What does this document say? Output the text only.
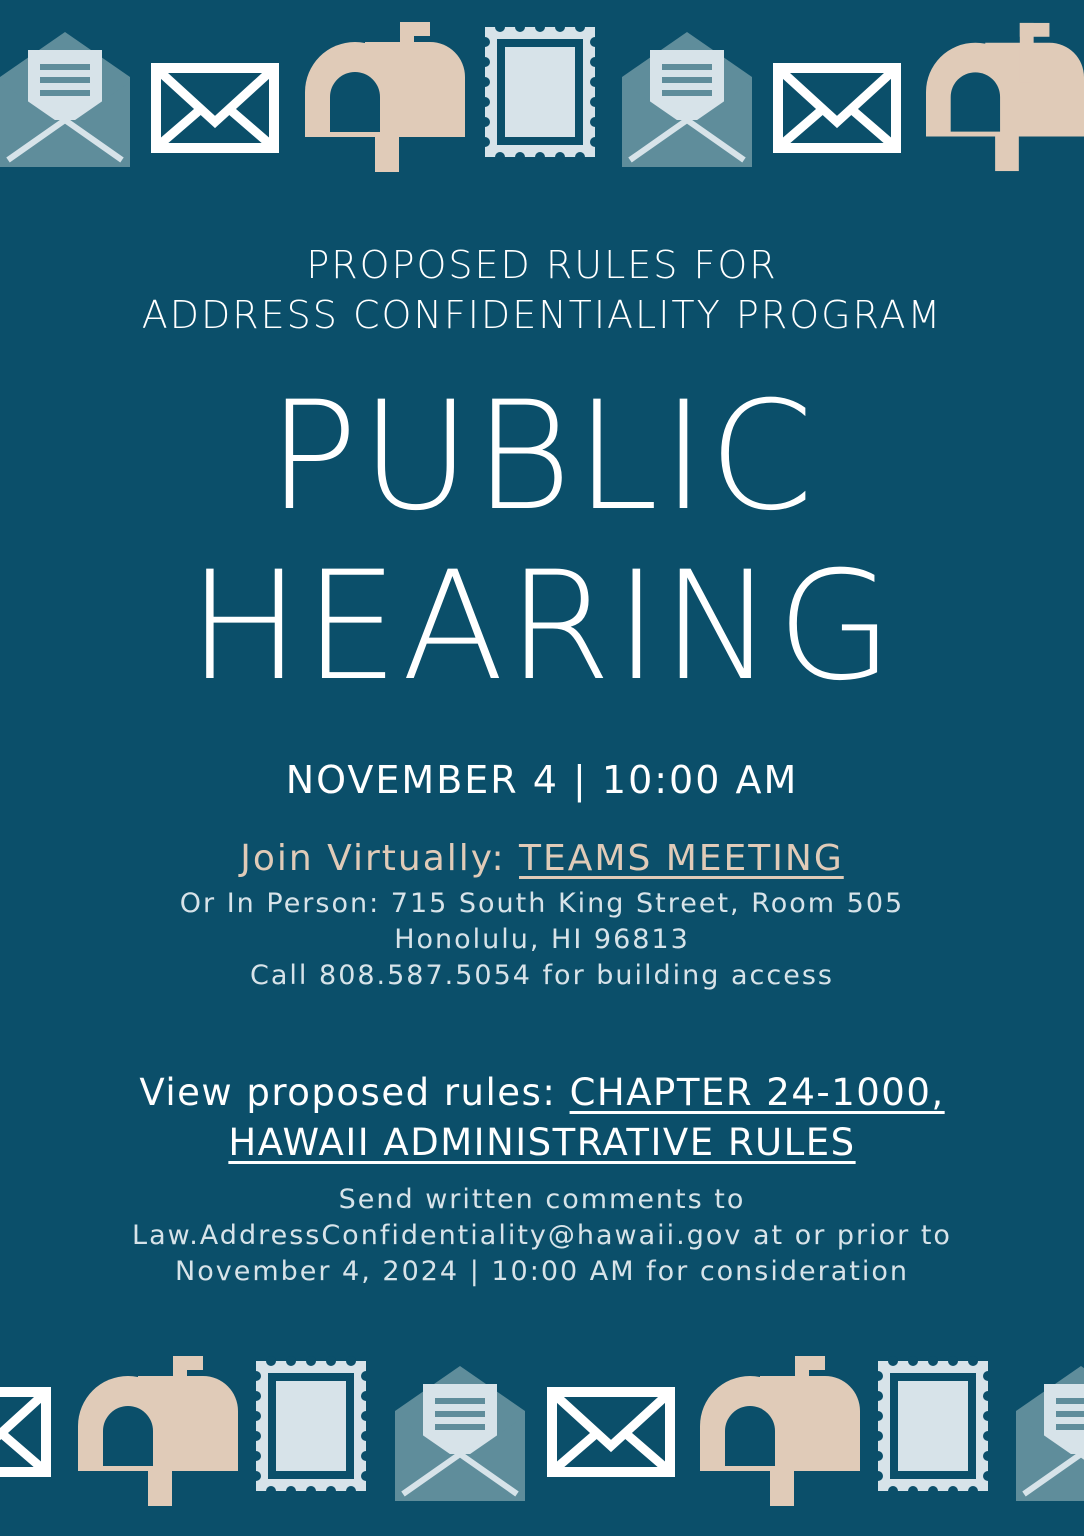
PROPOSED RULES FOR
ADDRESS CONFIDENTIALITY PROGRAM
PUBLIC
HEARING
NOVEMBER 4 | 10:00 AM
Join Virtually: TEAMS MEETING
Or In Person: 715 South King Street, Room 505
Honolulu, HI 96813
Call 808.587.5054 for building access
View proposed rules: CHAPTER 24-1000,
HAWAII ADMINISTRATIVE RULES
Send written comments to
Law.AddressConfidentiality@hawaii.gov at or prior to
November 4, 2024 | 10:00 AM for consideration
